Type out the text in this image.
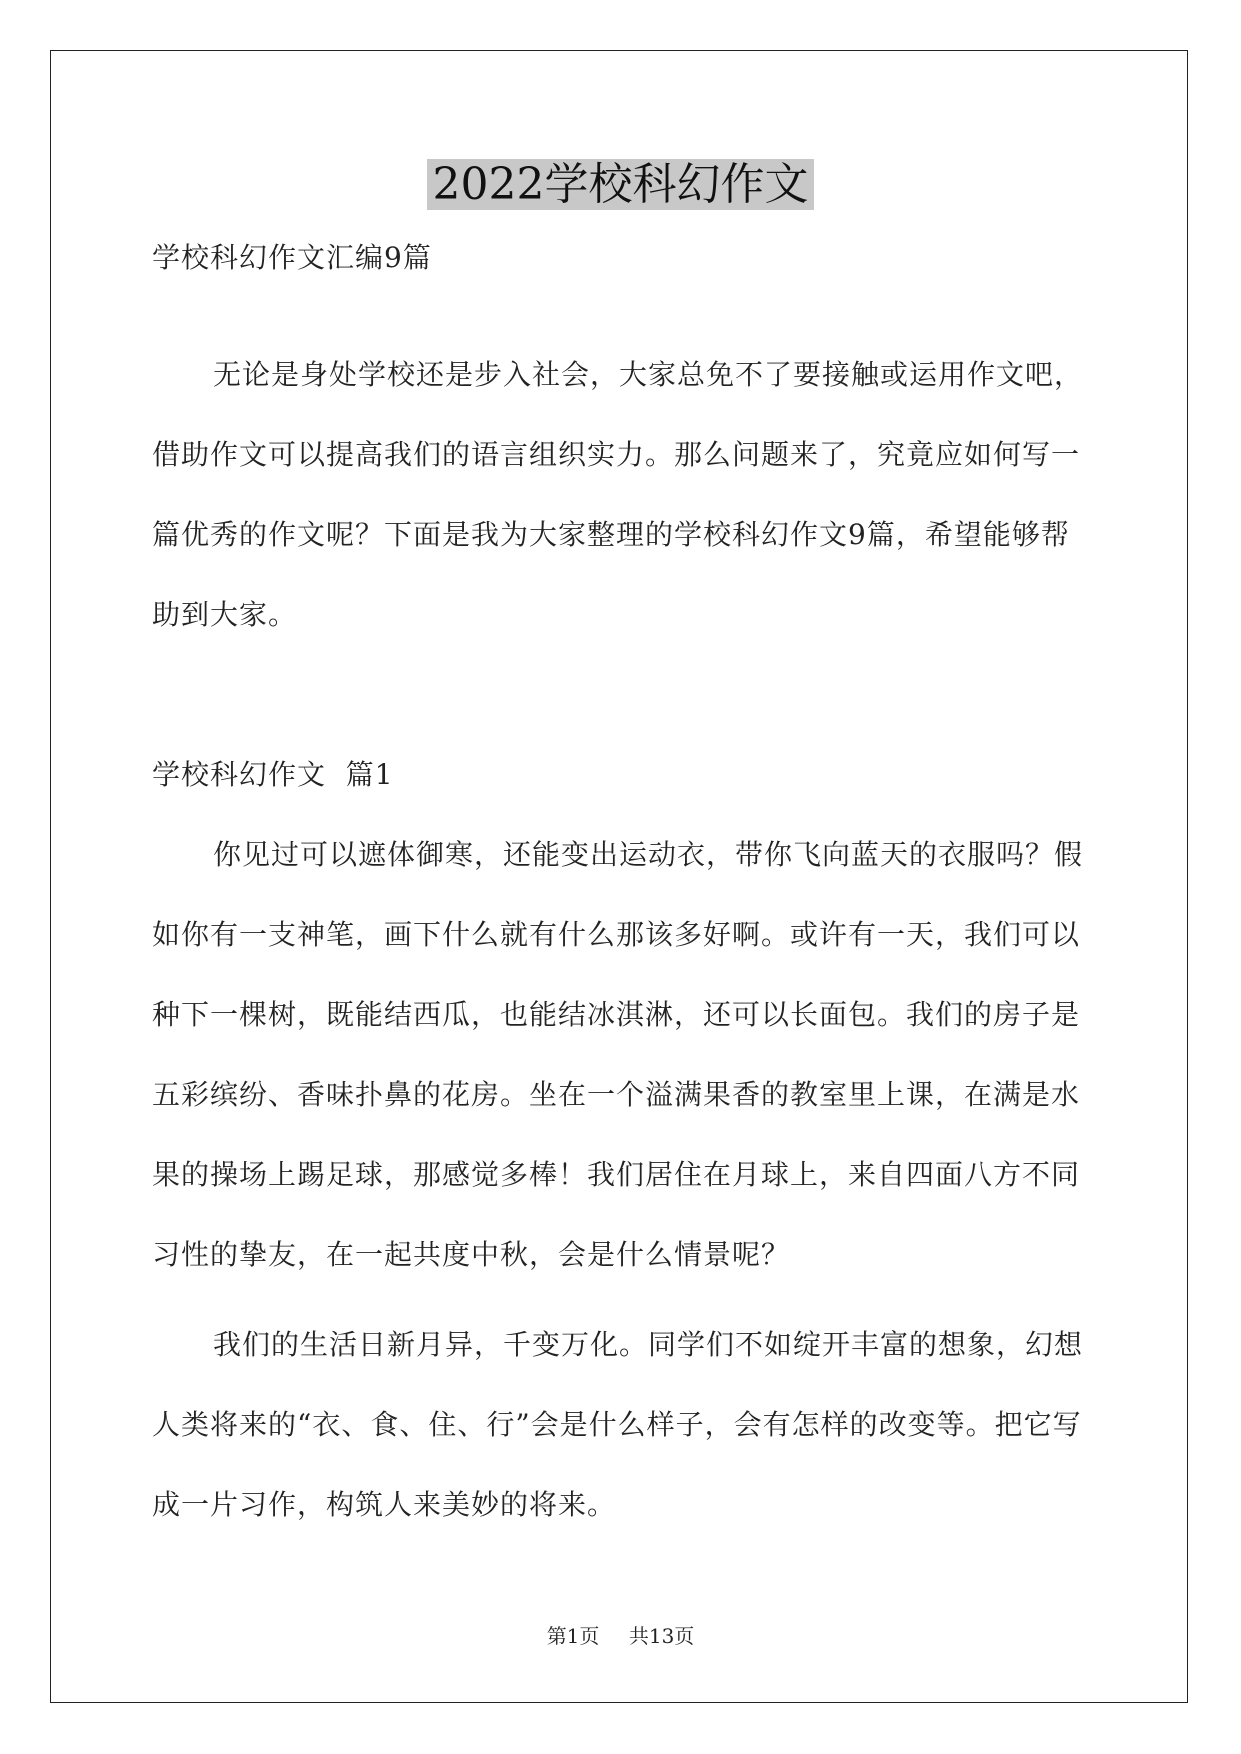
2022学校科幻作文
学校科幻作文汇编9篇
无论是身处学校还是步入社会，大家总免不了要接触或运用作文吧，借助作文可以提高我们的语言组织实力。那么问题来了，究竟应如何写一篇优秀的作文呢？下面是我为大家整理的学校科幻作文9篇，希望能够帮助到大家。
学校科幻作文  篇1
你见过可以遮体御寒，还能变出运动衣，带你飞向蓝天的衣服吗？假如你有一支神笔，画下什么就有什么那该多好啊。或许有一天，我们可以种下一棵树，既能结西瓜，也能结冰淇淋，还可以长面包。我们的房子是五彩缤纷、香味扑鼻的花房。坐在一个溢满果香的教室里上课，在满是水果的操场上踢足球，那感觉多棒！我们居住在月球上，来自四面八方不同习性的挚友，在一起共度中秋，会是什么情景呢？
我们的生活日新月异，千变万化。同学们不如绽开丰富的想象，幻想人类将来的“衣、食、住、行”会是什么样子，会有怎样的改变等。把它写成一片习作，构筑人来美妙的将来。
第1页 共13页
